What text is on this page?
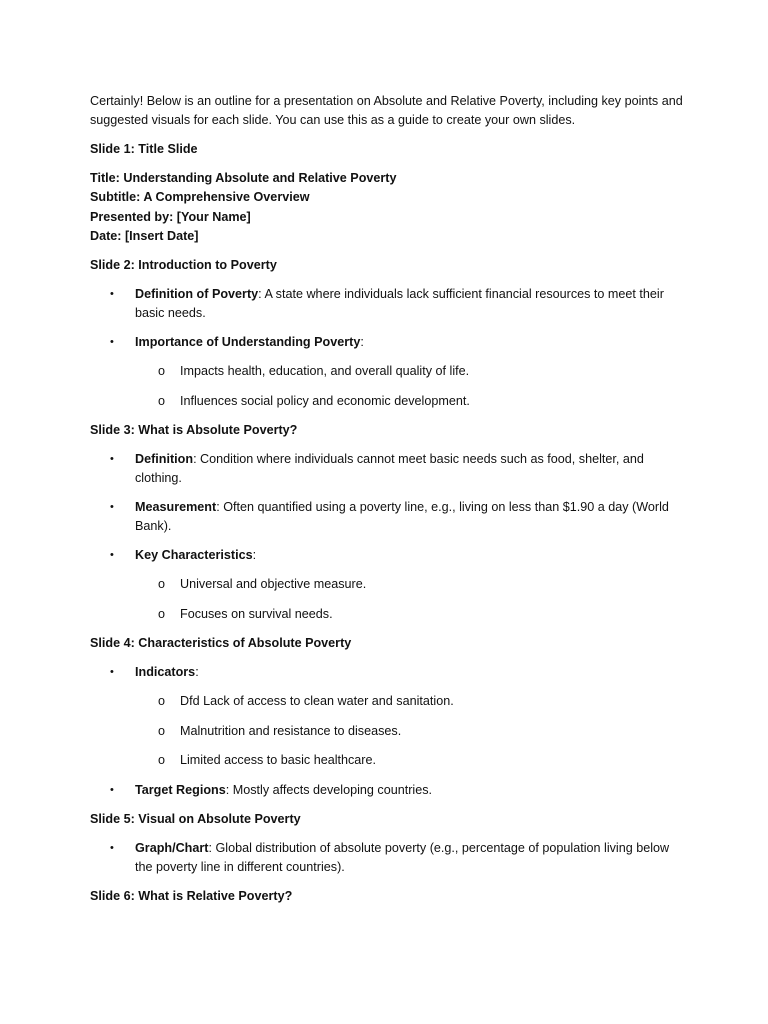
Certainly! Below is an outline for a presentation on Absolute and Relative Poverty, including key points and suggested visuals for each slide. You can use this as a guide to create your own slides.

Slide 1: Title Slide

Title: Understanding Absolute and Relative Poverty
Subtitle: A Comprehensive Overview
Presented by: [Your Name]
Date: [Insert Date]

Slide 2: Introduction to Poverty

• Definition of Poverty: A state where individuals lack sufficient financial resources to meet their basic needs.
• Importance of Understanding Poverty:
o Impacts health, education, and overall quality of life.
o Influences social policy and economic development.

Slide 3: What is Absolute Poverty?

• Definition: Condition where individuals cannot meet basic needs such as food, shelter, and clothing.
• Measurement: Often quantified using a poverty line, e.g., living on less than $1.90 a day (World Bank).
• Key Characteristics:
o Universal and objective measure.
o Focuses on survival needs.

Slide 4: Characteristics of Absolute Poverty

• Indicators:
o Dfd Lack of access to clean water and sanitation.
o Malnutrition and resistance to diseases.
o Limited access to basic healthcare.
• Target Regions: Mostly affects developing countries.

Slide 5: Visual on Absolute Poverty

• Graph/Chart: Global distribution of absolute poverty (e.g., percentage of population living below the poverty line in different countries).

Slide 6: What is Relative Poverty?
